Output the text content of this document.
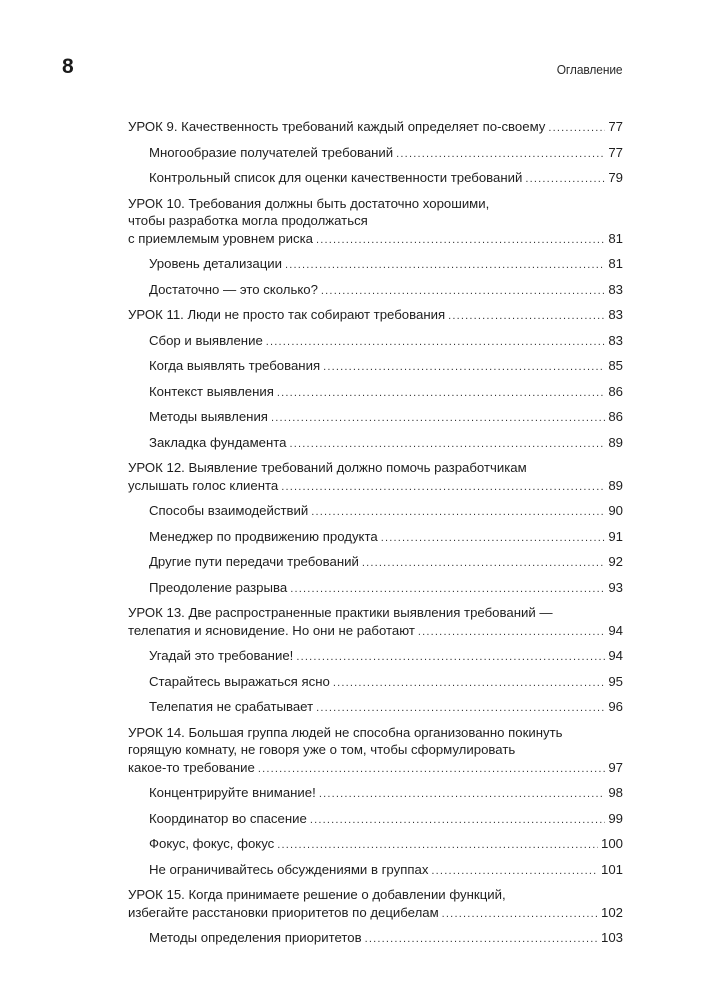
8	Оглавление
УРОК 9. Качественность требований каждый определяет по-своему .....	77
Многообразие получателей требований .....	77
Контрольный список для оценки качественности требований .....	79
УРОК 10. Требования должны быть достаточно хорошими,
чтобы разработка могла продолжаться
с приемлемым уровнем риска .....	81
Уровень детализации .....	81
Достаточно — это сколько? .....	83
УРОК 11. Люди не просто так собирают требования .....	83
Сбор и выявление .....	83
Когда выявлять требования .....	85
Контекст выявления .....	86
Методы выявления .....	86
Закладка фундамента .....	89
УРОК 12. Выявление требований должно помочь разработчикам
услышать голос клиента .....	89
Способы взаимодействий .....	90
Менеджер по продвижению продукта .....	91
Другие пути передачи требований .....	92
Преодоление разрыва .....	93
УРОК 13. Две распространенные практики выявления требований —
телепатия и ясновидение. Но они не работают .....	94
Угадай это требование! .....	94
Старайтесь выражаться ясно .....	95
Телепатия не срабатывает .....	96
УРОК 14. Большая группа людей не способна организованно покинуть
горящую комнату, не говоря уже о том, чтобы сформулировать
какое-то требование .....	97
Концентрируйте внимание! .....	98
Координатор во спасение .....	99
Фокус, фокус, фокус .....	100
Не ограничивайтесь обсуждениями в группах .....	101
УРОК 15. Когда принимаете решение о добавлении функций,
избегайте расстановки приоритетов по децибелам .....	102
Методы определения приоритетов .....	103
